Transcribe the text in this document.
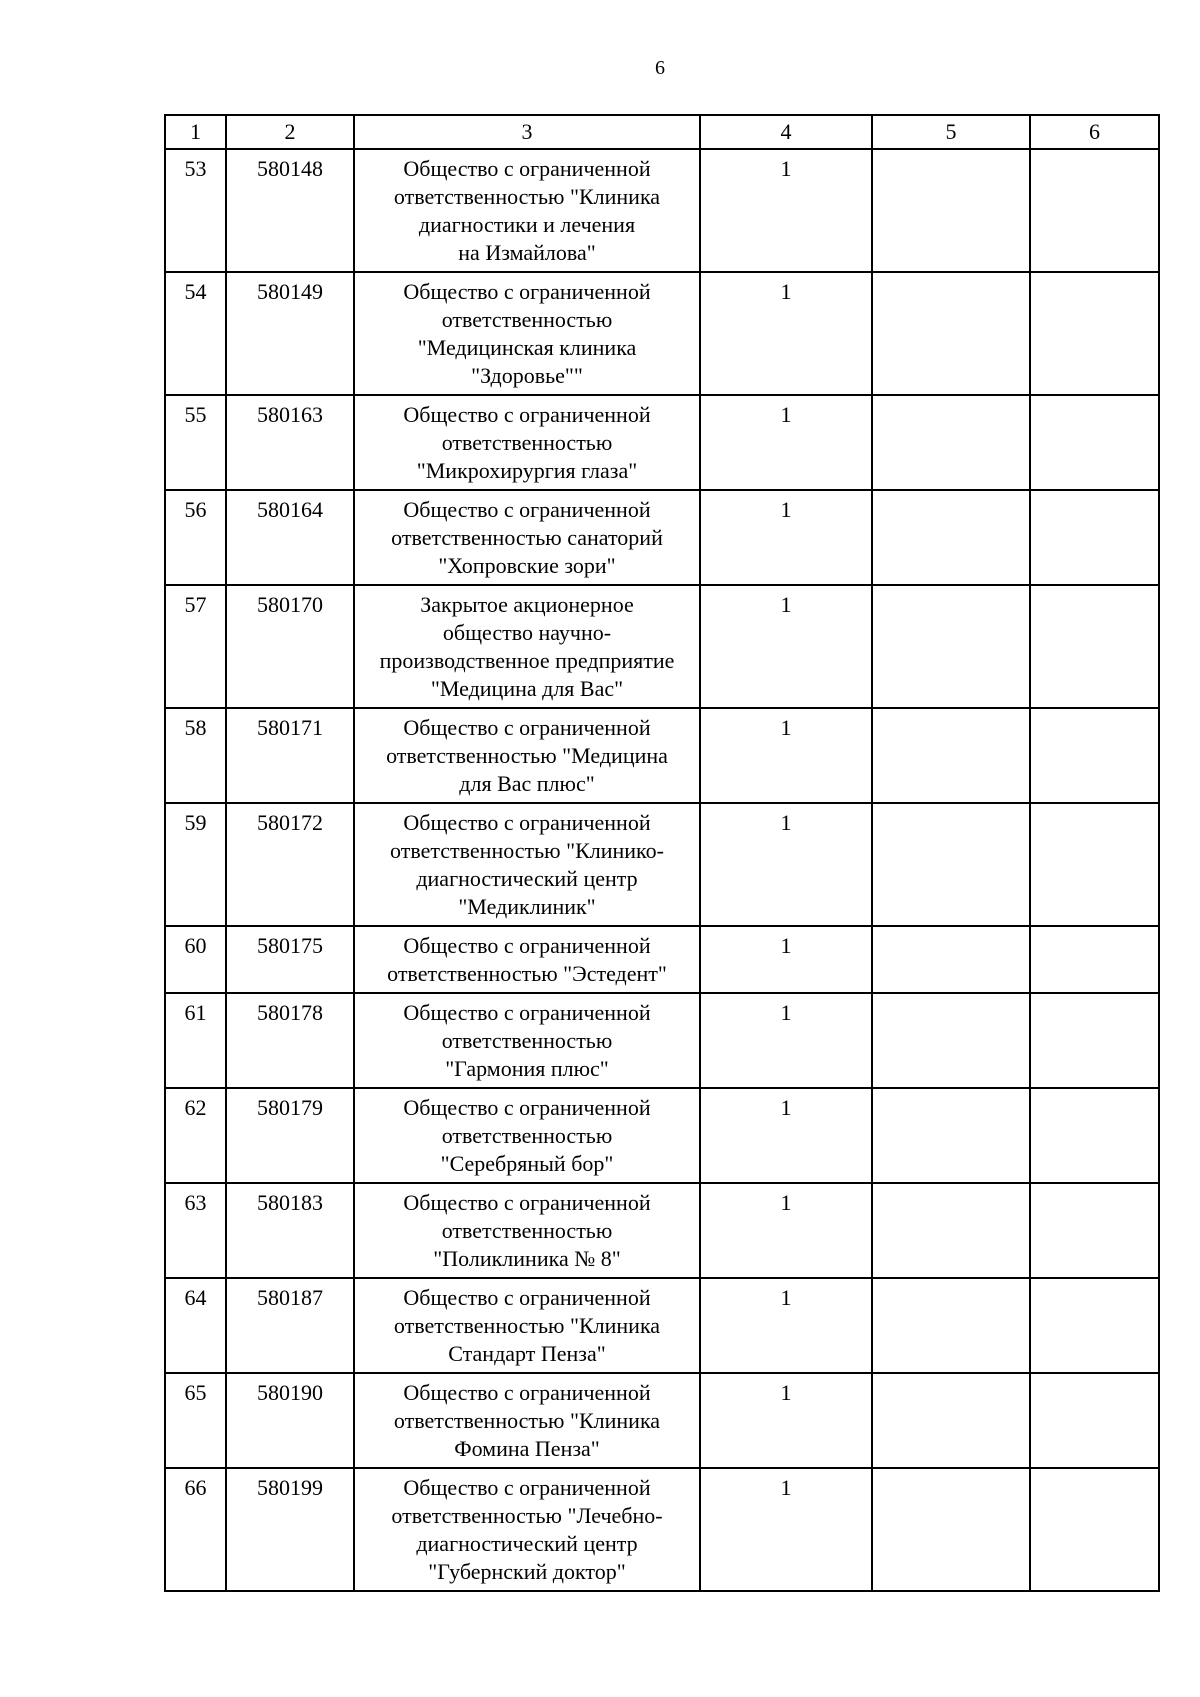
6
1	2	3	4	5	6
53	580148	Общество с ограниченной
ответственностью "Клиника
диагностики и лечения
на Измайлова"	1		
54	580149	Общество с ограниченной
ответственностью
"Медицинская клиника
"Здоровье""	1		
55	580163	Общество с ограниченной
ответственностью
"Микрохирургия глаза"	1		
56	580164	Общество с ограниченной
ответственностью санаторий
"Хопровские зори"	1		
57	580170	Закрытое акционерное
общество научно-
производственное предприятие
"Медицина для Вас"	1		
58	580171	Общество с ограниченной
ответственностью "Медицина
для Вас плюс"	1		
59	580172	Общество с ограниченной
ответственностью "Клинико-
диагностический центр
"Медиклиник"	1		
60	580175	Общество с ограниченной
ответственностью "Эстедент"	1		
61	580178	Общество с ограниченной
ответственностью
"Гармония плюс"	1		
62	580179	Общество с ограниченной
ответственностью
"Серебряный бор"	1		
63	580183	Общество с ограниченной
ответственностью
"Поликлиника № 8"	1		
64	580187	Общество с ограниченной
ответственностью "Клиника
Стандарт Пенза"	1		
65	580190	Общество с ограниченной
ответственностью "Клиника
Фомина Пенза"	1		
66	580199	Общество с ограниченной
ответственностью "Лечебно-
диагностический центр
"Губернский доктор"	1		
